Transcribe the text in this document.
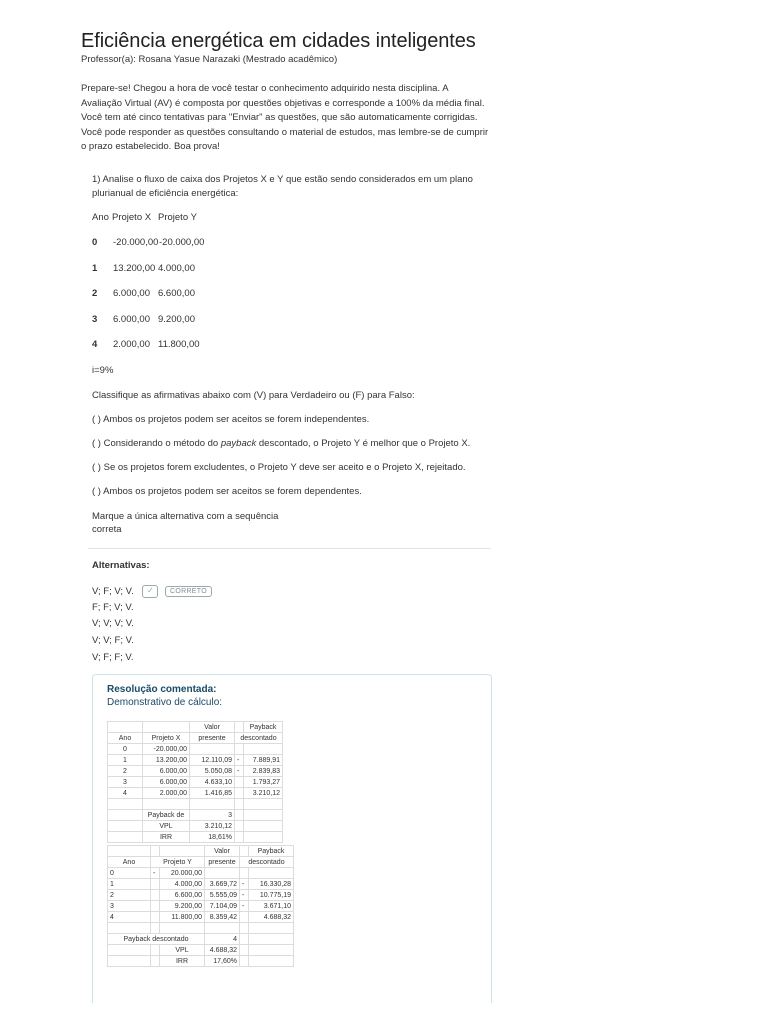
Eficiência energética em cidades inteligentes
Professor(a): Rosana Yasue Narazaki (Mestrado acadêmico)
Prepare-se! Chegou a hora de você testar o conhecimento adquirido nesta disciplina. A
Avaliação Virtual (AV) é composta por questões objetivas e corresponde a 100% da média final.
Você tem até cinco tentativas para "Enviar" as questões, que são automaticamente corrigidas.
Você pode responder as questões consultando o material de estudos, mas lembre-se de cumprir
o prazo estabelecido. Boa prova!
1) Analise o fluxo de caixa dos Projetos X e Y que estão sendo considerados em um plano
plurianual de eficiência energética:
Ano Projeto X Projeto Y
0	-20.000,00 -20.000,00
1	13.200,00 4.000,00
2	6.000,00 6.600,00
3	6.000,00 9.200,00
4	2.000,00 11.800,00
i=9%
Classifique as afirmativas abaixo com (V) para Verdadeiro ou (F) para Falso:
( ) Ambos os projetos podem ser aceitos se forem independentes.
( ) Considerando o método do payback descontado, o Projeto Y é melhor que o Projeto X.
( ) Se os projetos forem excludentes, o Projeto Y deve ser aceito e o Projeto X, rejeitado.
( ) Ambos os projetos podem ser aceitos se forem dependentes.
Marque a única alternativa com a sequência
correta
Alternativas:
V; F; V; V. ✓ CORRETO
F; F; V; V.
V; V; V; V.
V; V; F; V.
V; F; F; V.
Resolução comentada:
Demonstrativo de cálculo:
		Valor		Payback
Ano	Projeto X	presente	descontado	
0	-20.000,00			
1	13.200,00	12.110,09	-	7.889,91
2	6.000,00	5.050,08	-	2.839,83
3	6.000,00	4.633,10		1.793,27
4	2.000,00	1.416,85		3.210,12

	Payback de	3		
	VPL	3.210,12		
	IRR	18,61%		
			Valor		Payback
Ano	Projeto Y		presente	descontado	
0	-	20.000,00			
1		4.000,00	3.669,72	-	16.330,28
2		6.600,00	5.555,09	-	10.775,19
3		9.200,00	7.104,09	-	3.671,10
4		11.800,00	8.359,42		4.688,32

Payback descontado			4		
		VPL	4.688,32		
		IRR	17,60%		
